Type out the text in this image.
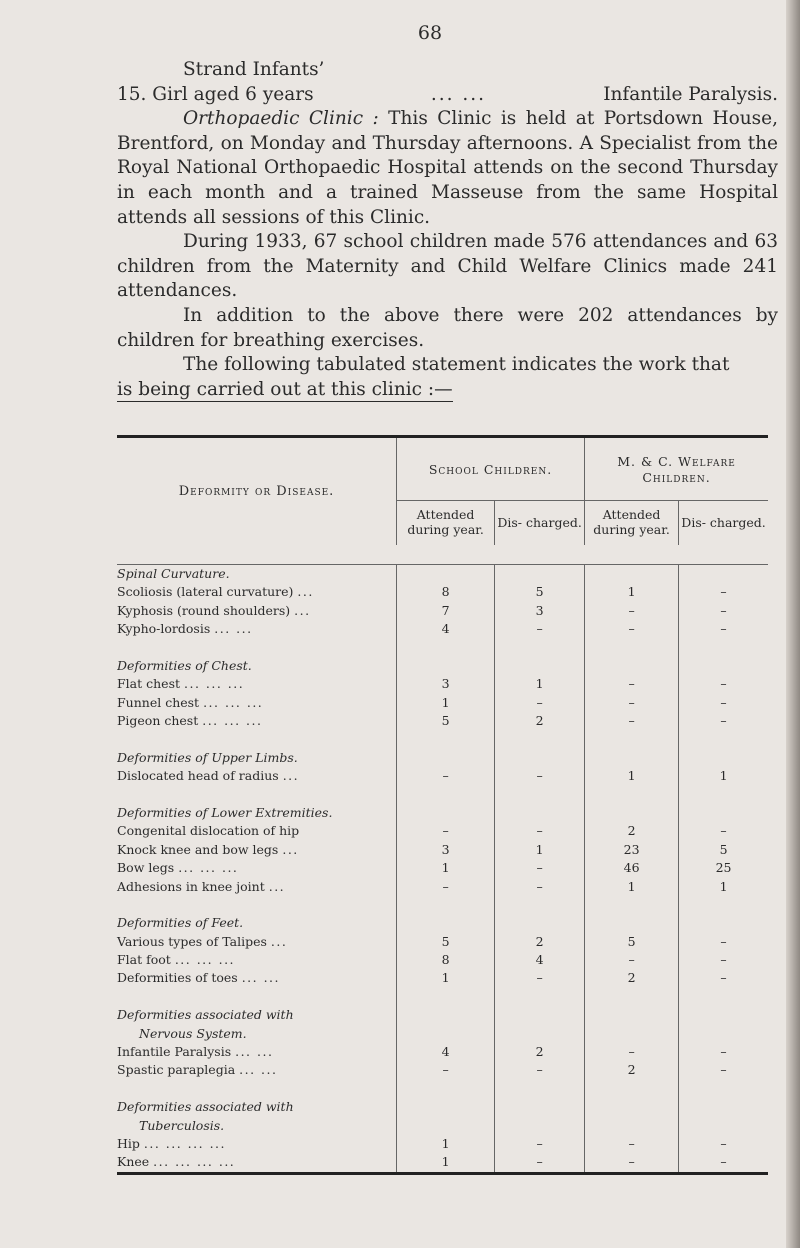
68

Strand Infants’

15. Girl aged 6 years	... ...	Infantile Paralysis.

Orthopaedic Clinic : This Clinic is held at Portsdown House, Brentford, on Monday and Thursday afternoons. A Specialist from the Royal National Orthopaedic Hospital attends on the second Thursday in each month and a trained Masseuse from the same Hospital attends all sessions of this Clinic.

During 1933, 67 school children made 576 attendances and 63 children from the Maternity and Child Welfare Clinics made 241 attendances.

In addition to the above there were 202 attendances by children for breathing exercises.

The following tabulated statement indicates the work that

is being carried out at this clinic :—

Deformity or Disease.	School Children.		M. & C. Welfare Children.	
	Attended during year.	Dis- charged.	Attended during year.	Dis- charged.

Spinal Curvature.				
Scoliosis (lateral curvature) ...	8	5	1	–
Kyphosis (round shoulders) ...	7	3	–	–
Kypho-lordosis ... ...	4	–	–	–

Deformities of Chest.				
Flat chest ... ... ...	3	1	–	–
Funnel chest ... ... ...	1	–	–	–
Pigeon chest ... ... ...	5	2	–	–

Deformities of Upper Limbs.				
Dislocated head of radius ...	–	–	1	1

Deformities of Lower Extremities.				
Congenital dislocation of hip	–	–	2	–
Knock knee and bow legs ...	3	1	23	5
Bow legs ... ... ...	1	–	46	25
Adhesions in knee joint ...	–	–	1	1

Deformities of Feet.				
Various types of Talipes ...	5	2	5	–
Flat foot ... ... ...	8	4	–	–
Deformities of toes ... ...	1	–	2	–

Deformities associated with				
Nervous System.				
Infantile Paralysis ... ...	4	2	–	–
Spastic paraplegia ... ...	–	–	2	–

Deformities associated with				
Tuberculosis.				
Hip ... ... ... ...	1	–	–	–
Knee ... ... ... ...	1	–	–	–
